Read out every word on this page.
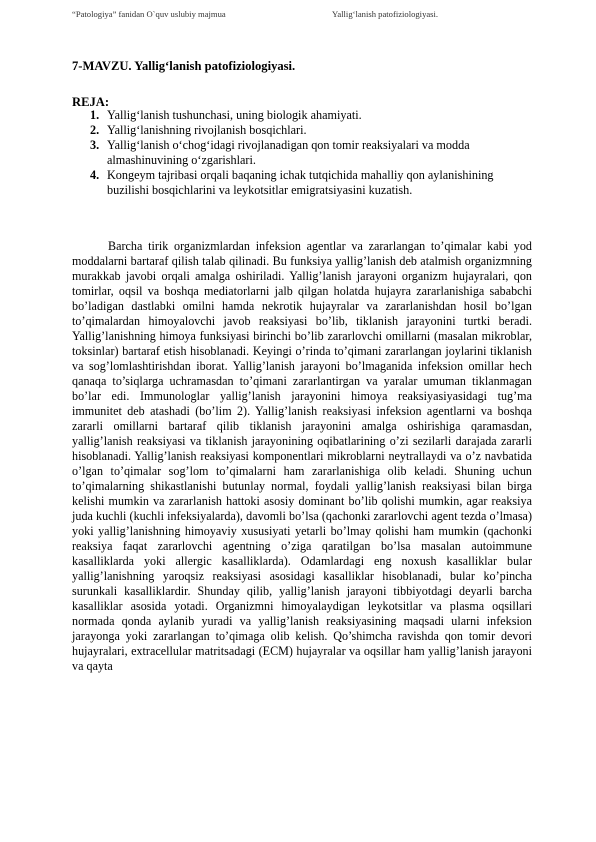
“Patologiya” fanidan O`quv uslubiy majmua	Yallig‘lanish patofiziologiyasi.
7-MAVZU. Yallig‘lanish patofiziologiyasi.
REJA:
1. Yallig‘lanish tushunchasi, uning biologik ahamiyati.
2. Yallig‘lanishning rivojlanish bosqichlari.
3. Yallig‘lanish o‘chog‘idagi rivojlanadigan qon tomir reaksiyalari va modda almashinuvining o‘zgarishlari.
4. Kongeym tajribasi orqali baqaning ichak tutqichida mahalliy qon aylanishining buzilishi bosqichlarini va leykotsitlar emigratsiyasini kuzatish.

Barcha tirik organizmlardan infeksion agentlar va zararlangan to’qimalar kabi yod moddalarni bartaraf qilish talab qilinadi. Bu funksiya yallig’lanish deb atalmish organizmning murakkab javobi orqali amalga oshiriladi. Yallig’lanish jarayoni organizm hujayralari, qon tomirlar, oqsil va boshqa mediatorlarni jalb qilgan holatda hujayra zararlanishiga sababchi bo’ladigan dastlabki omilni hamda nekrotik hujayralar va zararlanishdan hosil bo’lgan to’qimalardan himoyalovchi javob reaksiyasi bo’lib, tiklanish jarayonini turtki beradi. Yallig’lanishning himoya funksiyasi birinchi bo’lib zararlovchi omillarni (masalan mikroblar, toksinlar) bartaraf etish hisoblanadi. Keyingi o’rinda to’qimani zararlangan joylarini tiklanish va sog’lomlashtirishdan iborat. Yallig’lanish jarayoni bo’lmaganida infeksion omillar hech qanaqa to’siqlarga uchramasdan to’qimani zararlantirgan va yaralar umuman tiklanmagan bo’lar edi. Immunologlar yallig’lanish jarayonini himoya reaksiyasiyasidagi tug’ma immunitet deb atashadi (bo’lim 2). Yallig’lanish reaksiyasi infeksion agentlarni va boshqa zararli omillarni bartaraf qilib tiklanish jarayonini amalga oshirishiga qaramasdan, yallig’lanish reaksiyasi va tiklanish jarayonining oqibatlarining o’zi sezilarli darajada zararli hisoblanadi. Yallig’lanish reaksiyasi komponentlari mikroblarni neytrallaydi va o’z navbatida o’lgan to’qimalar sog’lom to’qimalarni ham zararlanishiga olib keladi. Shuning uchun to’qimalarning shikastlanishi butunlay normal, foydali yallig’lanish reaksiyasi bilan birga kelishi mumkin va zararlanish hattoki asosiy dominant bo’lib qolishi mumkin, agar reaksiya juda kuchli (kuchli infeksiyalarda), davomli bo’lsa (qachonki zararlovchi agent tezda o’lmasa) yoki yallig’lanishning himoyaviy xususiyati yetarli bo’lmay qolishi ham mumkin (qachonki reaksiya faqat zararlovchi agentning o’ziga qaratilgan bo’lsa masalan autoimmune kasalliklarda yoki allergic kasalliklarda). Odamlardagi eng noxush kasalliklar bular yallig’lanishning yaroqsiz reaksiyasi asosidagi kasalliklar hisoblanadi, bular ko’pincha surunkali kasalliklardir. Shunday qilib, yallig’lanish jarayoni tibbiyotdagi deyarli barcha kasalliklar asosida yotadi. Organizmni himoyalaydigan leykotsitlar va plasma oqsillari normada qonda aylanib yuradi va yallig’lanish reaksiyasining maqsadi ularni infeksion jarayonga yoki zararlangan to’qimaga olib kelish. Qo’shimcha ravishda qon tomir devori hujayralari, extracellular matritsadagi (ECM) hujayralar va oqsillar ham yallig’lanish jarayoni va qayta
